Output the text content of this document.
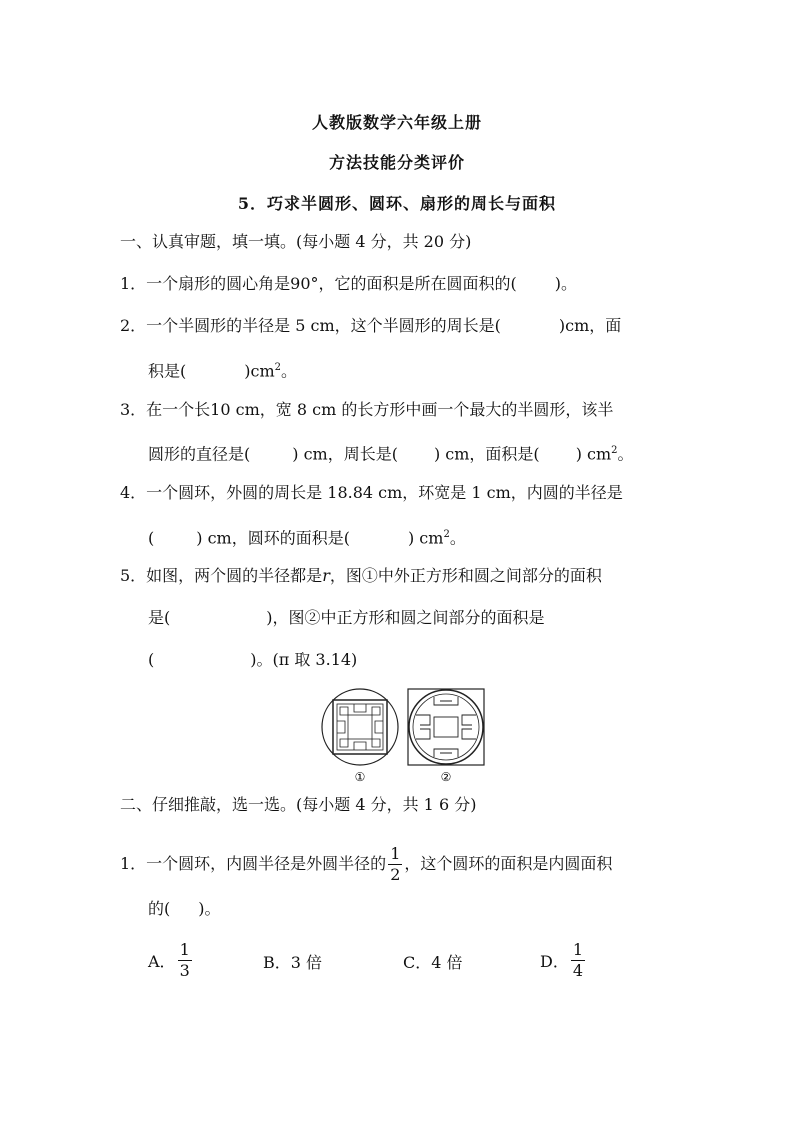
人教版数学六年级上册
方法技能分类评价
5．巧求半圆形、圆环、扇形的周长与面积
一、认真审题，填一填。(每小题 4 分，共 20 分)
1．一个扇形的圆心角是90°，它的面积是所在圆面积的( )。
2．一个半圆形的半径是 5 cm，这个半圆形的周长是(	)cm，面
积是(	)$cm^2$。
3．在一个长10 cm，宽 8 cm 的长方形中画一个最大的半圆形，该半
圆形的直径是(	) cm，周长是( ) cm，面积是( ) $cm^2$。
4．一个圆环，外圆的周长是 18.84 cm，环宽是 1 cm，内圆的半径是
(	) cm，圆环的面积是(	) $cm^2$。
5．如图，两个圆的半径都是r，图①中外正方形和圆之间部分的面积
是(	)，图②中正方形和圆之间部分的面积是
(	)。(π 取 3.14)
①	②
二、仔细推敲，选一选。(每小题 4 分，共 1 6 分)
1．一个圆环，内圆半径是外圆半径的 $\frac{1}{2}$ ，这个圆环的面积是内圆面积
的( )。
A． $\frac{1}{3}$	B．3 倍	C．4 倍	D． $\frac{1}{4}$
